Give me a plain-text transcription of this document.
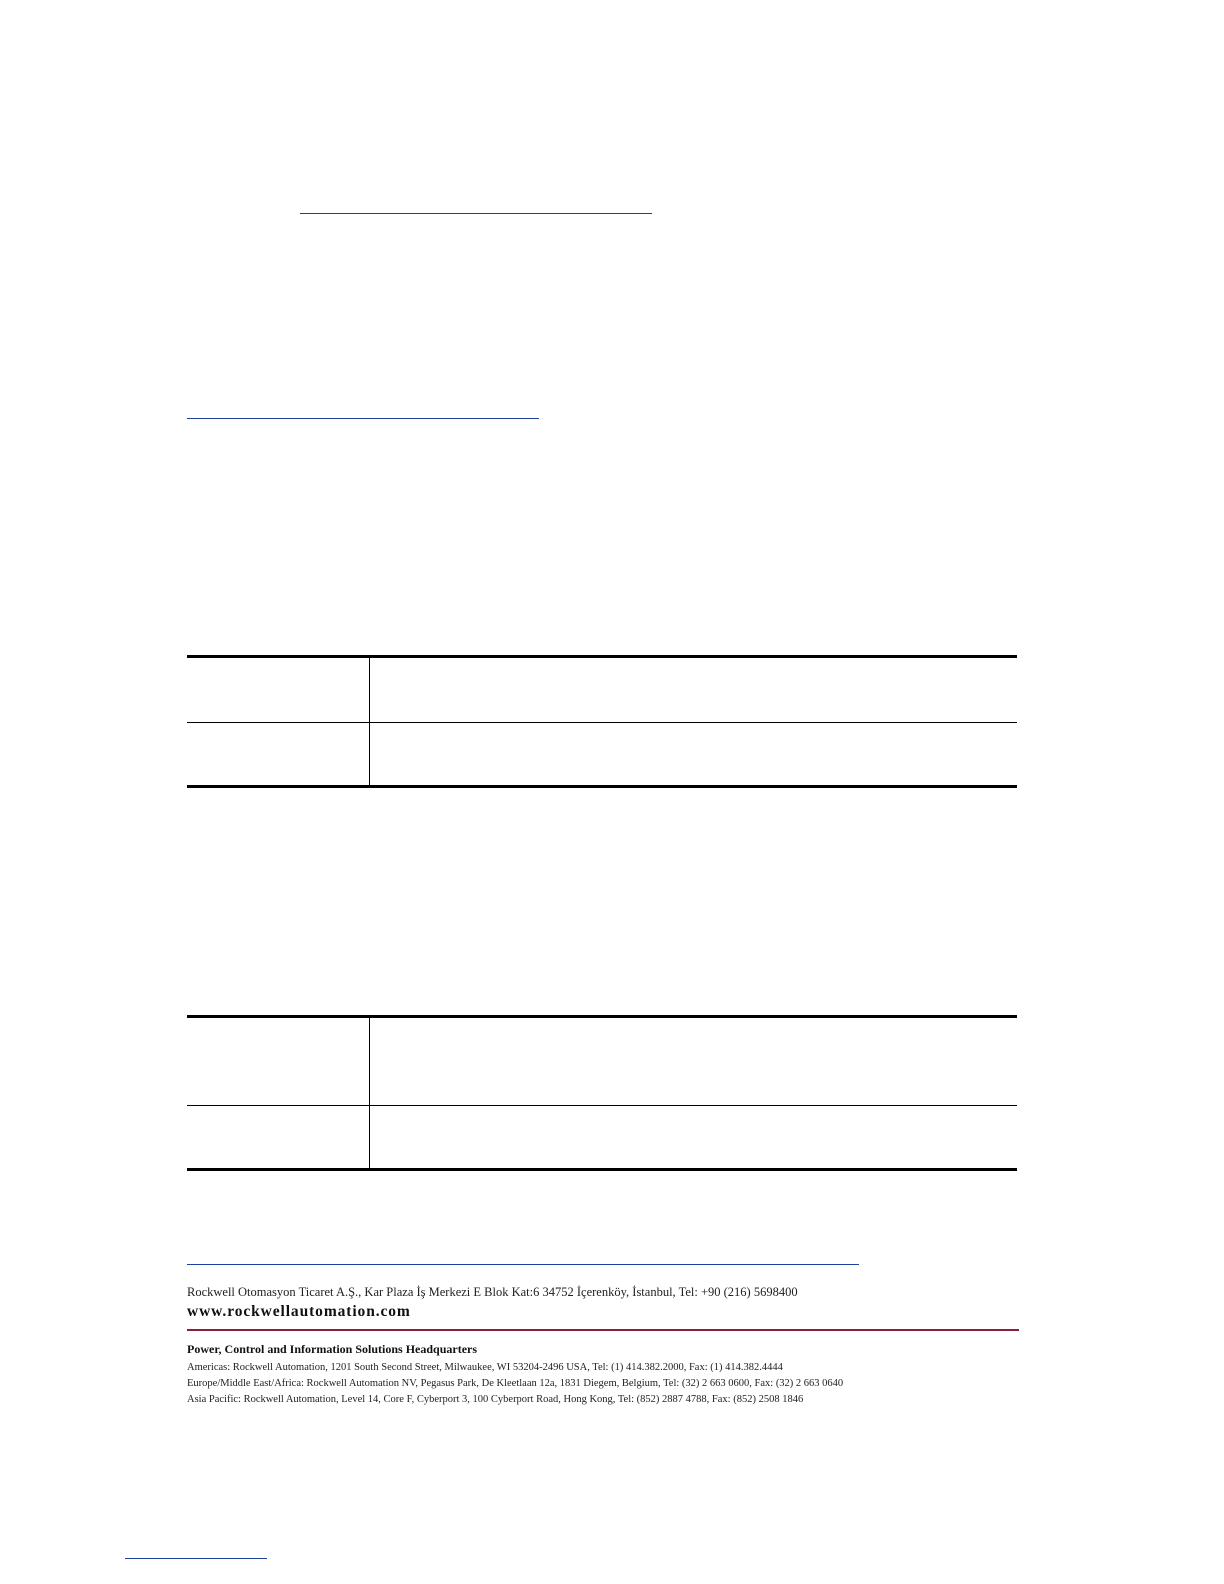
Rockwell Otomasyon Ticaret A.Ş., Kar Plaza İş Merkezi E Blok Kat:6 34752 İçerenköy, İstanbul, Tel: +90 (216) 5698400

www.rockwellautomation.com

Power, Control and Information Solutions Headquarters

Americas: Rockwell Automation, 1201 South Second Street, Milwaukee, WI 53204-2496 USA, Tel: (1) 414.382.2000, Fax: (1) 414.382.4444

Europe/Middle East/Africa: Rockwell Automation NV, Pegasus Park, De Kleetlaan 12a, 1831 Diegem, Belgium, Tel: (32) 2 663 0600, Fax: (32) 2 663 0640

Asia Pacific: Rockwell Automation, Level 14, Core F, Cyberport 3, 100 Cyberport Road, Hong Kong, Tel: (852) 2887 4788, Fax: (852) 2508 1846
